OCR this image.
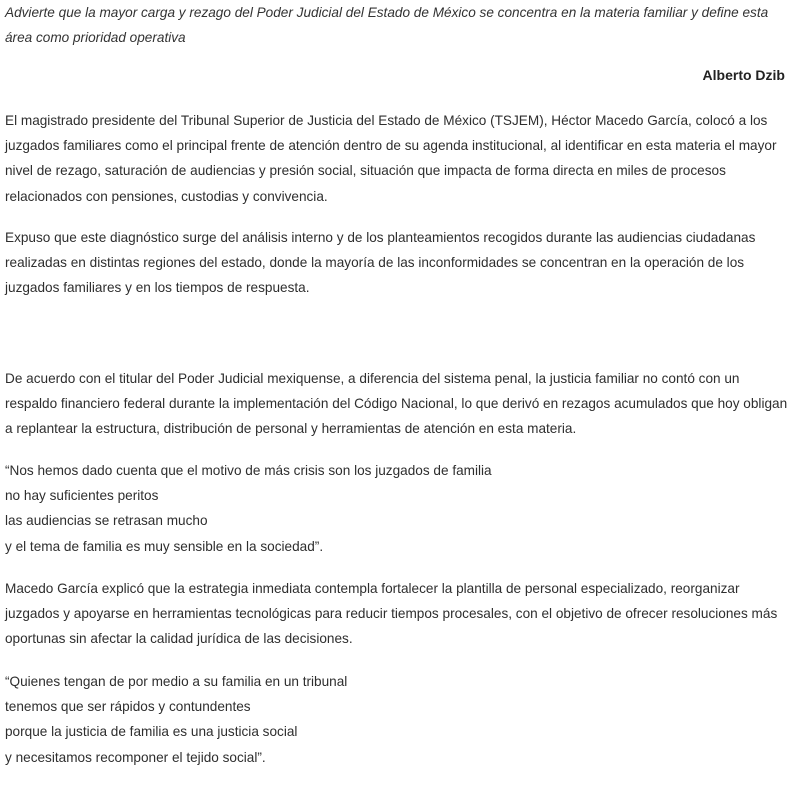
Advierte que la mayor carga y rezago del Poder Judicial del Estado de México se concentra en la materia familiar y define esta área como prioridad operativa

Alberto Dzib

El magistrado presidente del Tribunal Superior de Justicia del Estado de México (TSJEM), Héctor Macedo García, colocó a los juzgados familiares como el principal frente de atención dentro de su agenda institucional, al identificar en esta materia el mayor nivel de rezago, saturación de audiencias y presión social, situación que impacta de forma directa en miles de procesos relacionados con pensiones, custodias y convivencia.

Expuso que este diagnóstico surge del análisis interno y de los planteamientos recogidos durante las audiencias ciudadanas realizadas en distintas regiones del estado, donde la mayoría de las inconformidades se concentran en la operación de los juzgados familiares y en los tiempos de respuesta.

De acuerdo con el titular del Poder Judicial mexiquense, a diferencia del sistema penal, la justicia familiar no contó con un respaldo financiero federal durante la implementación del Código Nacional, lo que derivó en rezagos acumulados que hoy obligan a replantear la estructura, distribución de personal y herramientas de atención en esta materia.

“Nos hemos dado cuenta que el motivo de más crisis son los juzgados de familia
no hay suficientes peritos
las audiencias se retrasan mucho
y el tema de familia es muy sensible en la sociedad”.

Macedo García explicó que la estrategia inmediata contempla fortalecer la plantilla de personal especializado, reorganizar juzgados y apoyarse en herramientas tecnológicas para reducir tiempos procesales, con el objetivo de ofrecer resoluciones más oportunas sin afectar la calidad jurídica de las decisiones.

“Quienes tengan de por medio a su familia en un tribunal
tenemos que ser rápidos y contundentes
porque la justicia de familia es una justicia social
y necesitamos recomponer el tejido social”.
